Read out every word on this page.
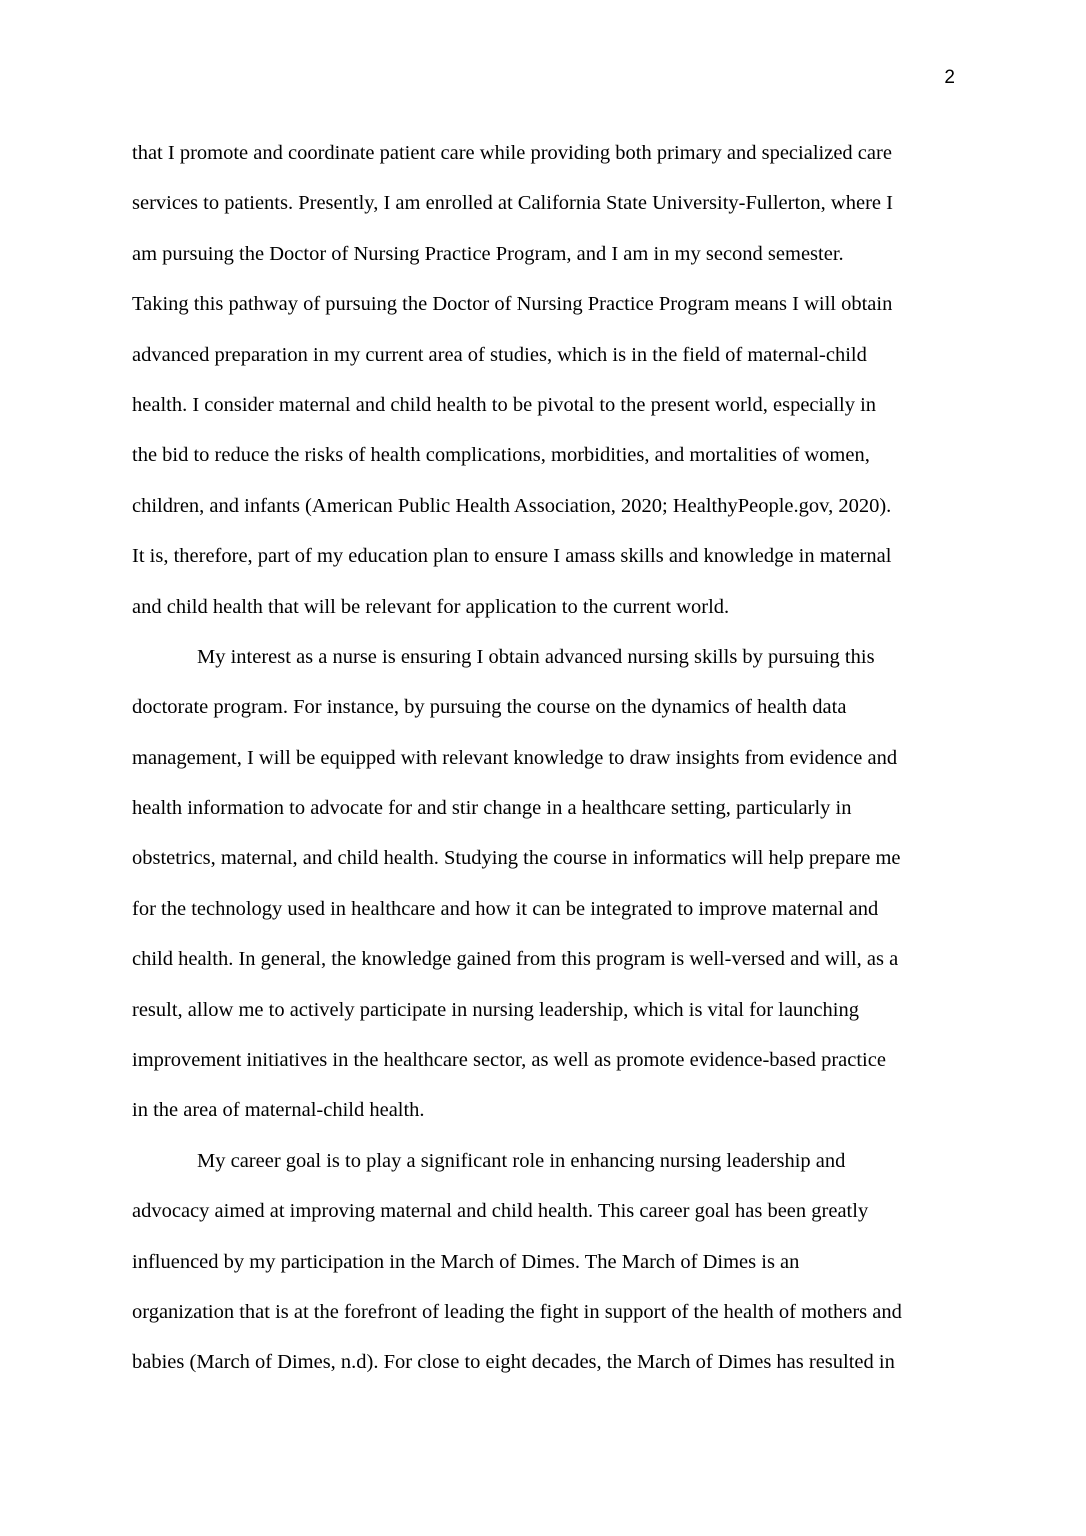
2
that I promote and coordinate patient care while providing both primary and specialized care
services to patients. Presently, I am enrolled at California State University-Fullerton, where I
am pursuing the Doctor of Nursing Practice Program, and I am in my second semester.
Taking this pathway of pursuing the Doctor of Nursing Practice Program means I will obtain
advanced preparation in my current area of studies, which is in the field of maternal-child
health. I consider maternal and child health to be pivotal to the present world, especially in
the bid to reduce the risks of health complications, morbidities, and mortalities of women,
children, and infants (American Public Health Association, 2020; HealthyPeople.gov, 2020).
It is, therefore, part of my education plan to ensure I amass skills and knowledge in maternal
and child health that will be relevant for application to the current world.
My interest as a nurse is ensuring I obtain advanced nursing skills by pursuing this
doctorate program. For instance, by pursuing the course on the dynamics of health data
management, I will be equipped with relevant knowledge to draw insights from evidence and
health information to advocate for and stir change in a healthcare setting, particularly in
obstetrics, maternal, and child health. Studying the course in informatics will help prepare me
for the technology used in healthcare and how it can be integrated to improve maternal and
child health. In general, the knowledge gained from this program is well-versed and will, as a
result, allow me to actively participate in nursing leadership, which is vital for launching
improvement initiatives in the healthcare sector, as well as promote evidence-based practice
in the area of maternal-child health.
My career goal is to play a significant role in enhancing nursing leadership and
advocacy aimed at improving maternal and child health. This career goal has been greatly
influenced by my participation in the March of Dimes. The March of Dimes is an
organization that is at the forefront of leading the fight in support of the health of mothers and
babies (March of Dimes, n.d). For close to eight decades, the March of Dimes has resulted in
